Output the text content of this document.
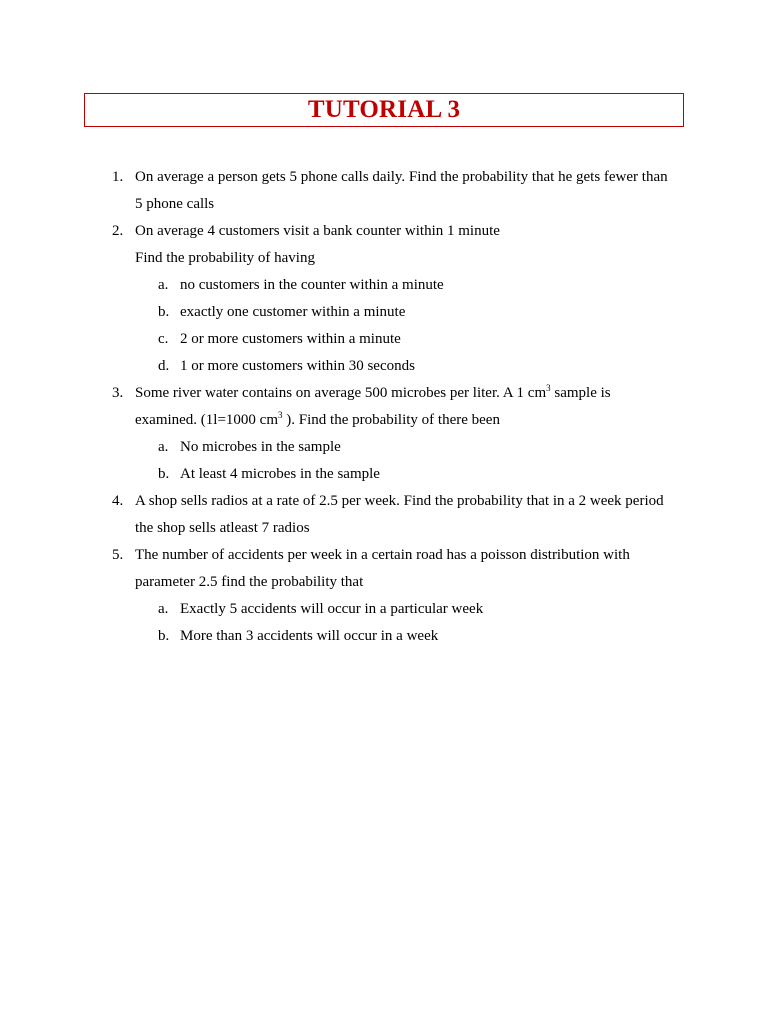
TUTORIAL 3
1. On average a person gets 5 phone calls daily. Find the probability that he gets fewer than 5 phone calls
2. On average 4 customers visit a bank counter within 1 minute
Find the probability of having
a. no customers in the counter within a minute
b. exactly one customer within a minute
c. 2 or more customers within a minute
d. 1 or more customers within 30 seconds
3. Some river water contains on average 500 microbes per liter. A 1 $cm^3$ sample is examined. (1l=1000 $cm^3$ ). Find the probability of there been
a. No microbes in the sample
b. At least 4 microbes in the sample
4. A shop sells radios at a rate of 2.5 per week. Find the probability that in a 2 week period the shop sells atleast 7 radios
5. The number of accidents per week in a certain road has a poisson distribution with parameter 2.5 find the probability that
a. Exactly 5 accidents will occur in a particular week
b. More than 3 accidents will occur in a week
